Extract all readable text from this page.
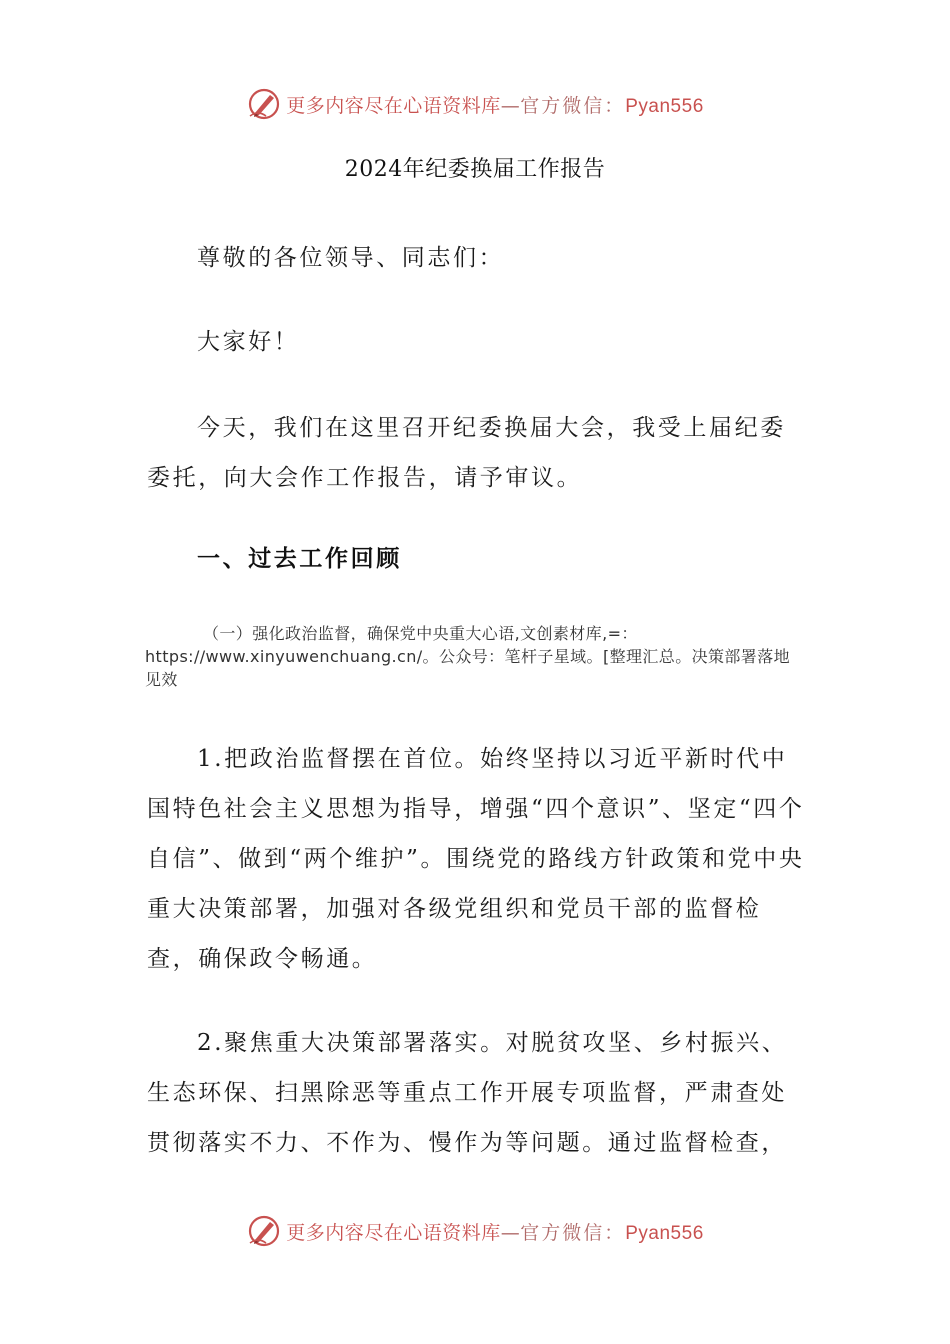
更多内容尽在心语资料库—官方微信：Pyan556
2024年纪委换届工作报告

尊敬的各位领导、同志们：

大家好！

今天，我们在这里召开纪委换届大会，我受上届纪委委托，向大会作工作报告，请予审议。

一、过去工作回顾

（一）强化政治监督，确保党中央重大心语,文创素材库,=：https://www.xinyuwenchuang.cn/。公众号：笔杆子星域。[整理汇总。决策部署落地见效

1.把政治监督摆在首位。始终坚持以习近平新时代中国特色社会主义思想为指导，增强“四个意识”、坚定“四个自信”、做到“两个维护”。围绕党的路线方针政策和党中央重大决策部署，加强对各级党组织和党员干部的监督检查，确保政令畅通。

2.聚焦重大决策部署落实。对脱贫攻坚、乡村振兴、生态环保、扫黑除恶等重点工作开展专项监督，严肃查处贯彻落实不力、不作为、慢作为等问题。通过监督检查，

更多内容尽在心语资料库—官方微信：Pyan556
